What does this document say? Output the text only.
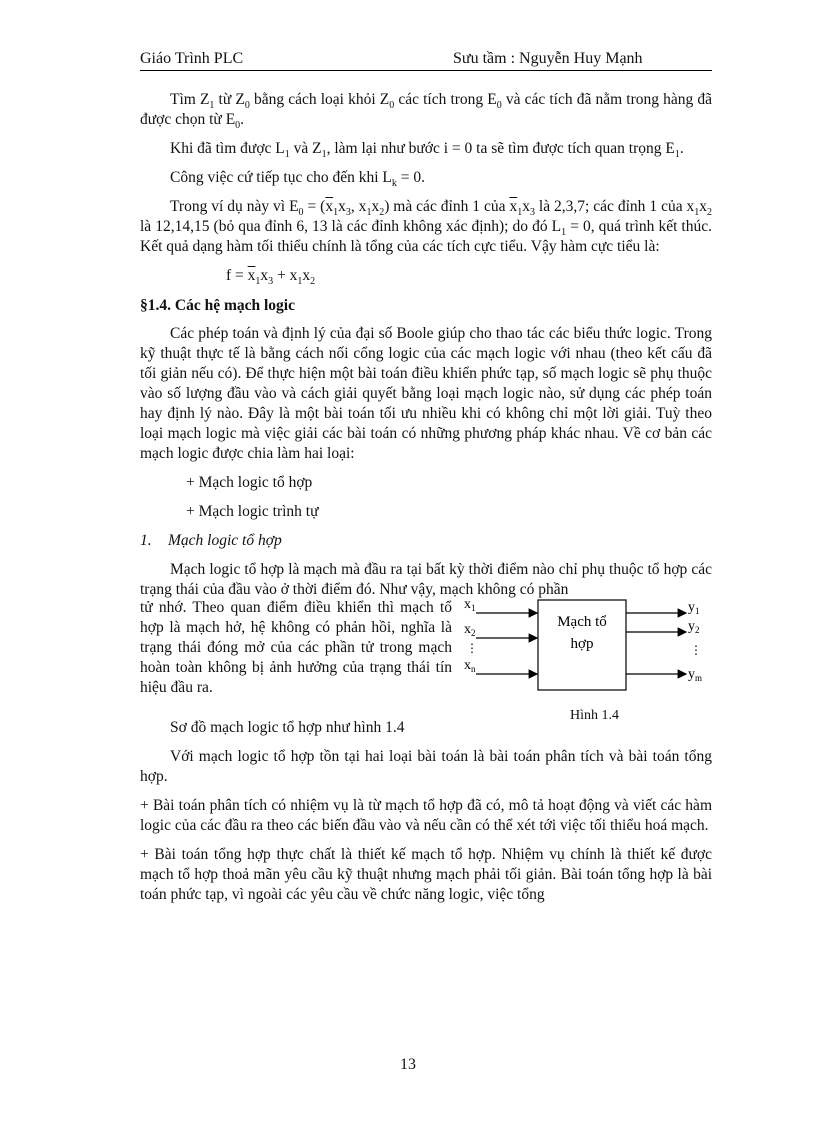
Giáo Trình PLC	Sưu tầm : Nguyễn Huy Mạnh

Tìm $Z_1$ từ $Z_0$ bằng cách loại khỏi $Z_0$ các tích trong $E_0$ và các tích đã nằm trong hàng đã được chọn từ $E_0$.

Khi đã tìm được $L_1$ và $Z_1$, làm lại như bước i = 0 ta sẽ tìm được tích quan trọng $E_1$.

Công việc cứ tiếp tục cho đến khi $L_k = 0$.

Trong ví dụ này vì $E_0 = (\overline{x}_1x_3$, $x_1x_2$) mà các đỉnh 1 của $\overline{x}_1x_3$ là 2,3,7; các đỉnh 1 của $x_1x_2$ là 12,14,15 (bỏ qua đỉnh 6, 13 là các đỉnh không xác định); do đó $L_1 = 0$, quá trình kết thúc. Kết quả dạng hàm tối thiểu chính là tổng của các tích cực tiểu. Vậy hàm cực tiểu là:

$f = \overline{x}_1x_3 + x_1x_2$

§1.4. Các hệ mạch logic

Các phép toán và định lý của đại số Boole giúp cho thao tác các biểu thức logic. Trong kỹ thuật thực tế là bằng cách nối cổng logic của các mạch logic với nhau (theo kết cấu đã tối giản nếu có). Để thực hiện một bài toán điều khiển phức tạp, số mạch logic sẽ phụ thuộc vào số lượng đầu vào và cách giải quyết bằng loại mạch logic nào, sử dụng các phép toán hay định lý nào. Đây là một bài toán tối ưu nhiều khi có không chỉ một lời giải. Tuỳ theo loại mạch logic mà việc giải các bài toán có những phương pháp khác nhau. Về cơ bản các mạch logic được chia làm hai loại:

+ Mạch logic tổ hợp

+ Mạch logic trình tự

1. Mạch logic tổ hợp

Mạch logic tổ hợp là mạch mà đầu ra tại bất kỳ thời điểm nào chỉ phụ thuộc tổ hợp các trạng thái của đầu vào ở thời điểm đó. Như vậy, mạch không có phần

tử nhớ. Theo quan điểm điều khiển thì mạch tổ hợp là mạch hở, hệ không có phản hồi, nghĩa là trạng thái đóng mở của các phần tử trong mạch hoàn toàn không bị ảnh hưởng của trạng thái tín hiệu đầu ra.
Mạch tổ
hợp
$x_1$
$x_2$
⋮
$x_n$
$y_1$
$y_2$
⋮
$y_m$
Hình 1.4

Sơ đồ mạch logic tổ hợp như hình 1.4

Với mạch logic tổ hợp tồn tại hai loại bài toán là bài toán phân tích và bài toán tổng hợp.

+ Bài toán phân tích có nhiệm vụ là từ mạch tổ hợp đã có, mô tả hoạt động và viết các hàm logic của các đầu ra theo các biến đầu vào và nếu cần có thể xét tới việc tối thiểu hoá mạch.

+ Bài toán tổng hợp thực chất là thiết kế mạch tổ hợp. Nhiệm vụ chính là thiết kế được mạch tổ hợp thoả mãn yêu cầu kỹ thuật nhưng mạch phải tối giản. Bài toán tổng hợp là bài toán phức tạp, vì ngoài các yêu cầu về chức năng logic, việc tổng

13
